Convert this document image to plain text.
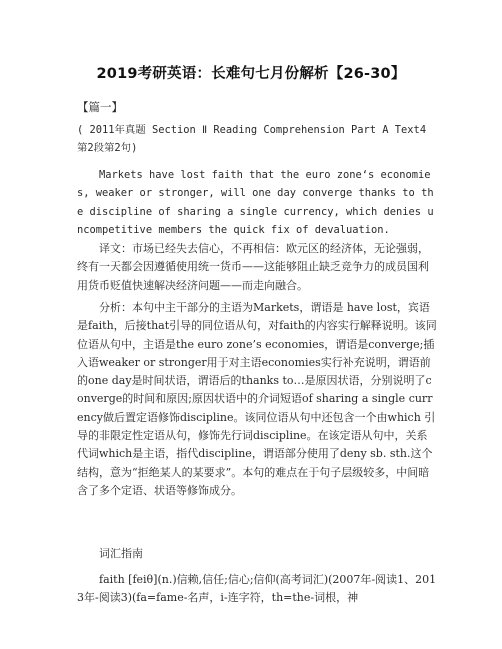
2019考研英语：长难句七月份解析【26-30】
【篇一】

( 2011年真题 Section Ⅱ Reading Comprehension Part A Text4 第2段第2句)

Markets have lost faith that the euro zone‘s economies, weaker or stronger, will one day converge thanks to the discipline of sharing a single currency, which denies uncompetitive members the quick fix of devaluation.

译文：市场已经失去信心，不再相信：欧元区的经济体，无论强弱，终有一天都会因遵循使用统一货币——这能够阻止缺乏竞争力的成员国利用货币贬值快速解决经济问题——而走向融合。

分析：本句中主干部分的主语为Markets，谓语是 have lost，宾语是faith，后接that引导的同位语从句，对faith的内容实行解释说明。该同位语从句中，主语是the euro zone’s economies，谓语是converge;插入语weaker or stronger用于对主语economies实行补充说明，谓语前的one day是时间状语，谓语后的thanks to…是原因状语，分别说明了converge的时间和原因;原因状语中的介词短语of sharing a single currency做后置定语修饰discipline。该同位语从句中还包含一个由which 引导的非限定性定语从句，修饰先行词discipline。在该定语从句中，关系代词which是主语，指代discipline，谓语部分使用了deny sb. sth.这个结构，意为“拒绝某人的某要求”。本句的难点在于句子层级较多，中间暗含了多个定语、状语等修饰成分。

词汇指南

faith [feiθ](n.)信赖,信任;信心;信仰(高考词汇)(2007年-阅读1、2013年-阅读3)(fa=fame-名声，i-连字符，th=the-词根，神
